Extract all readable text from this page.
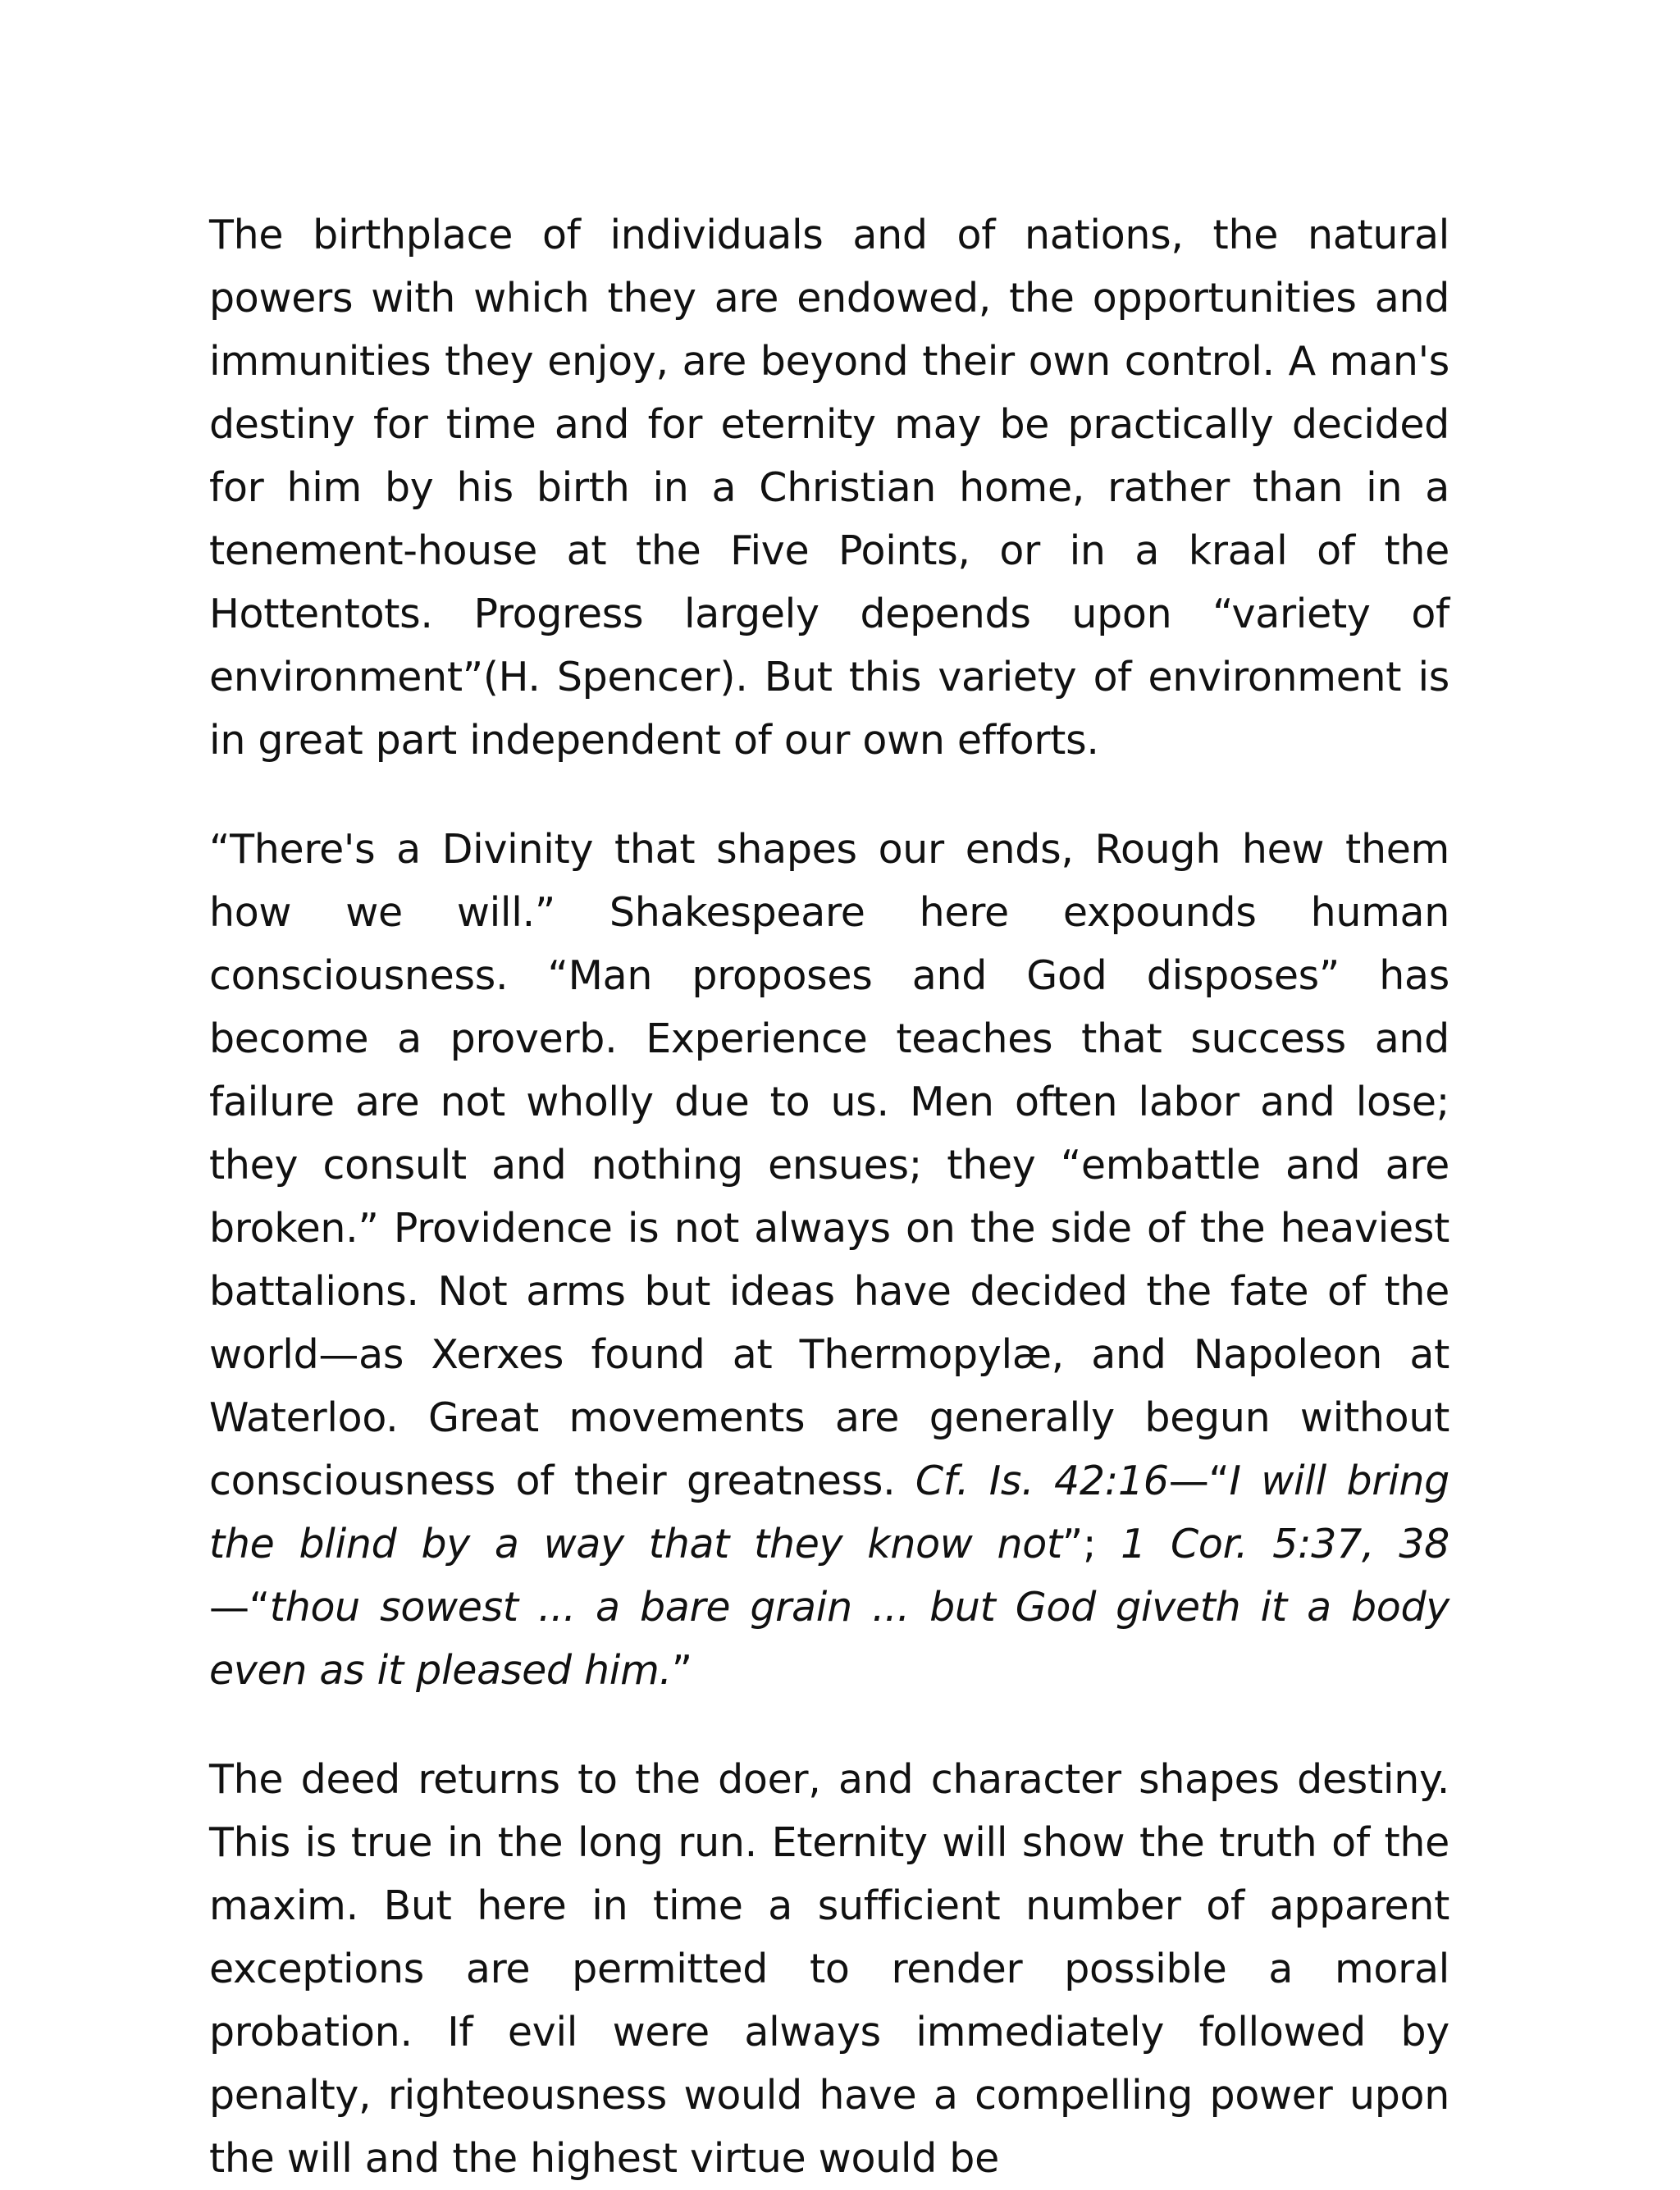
The birthplace of individuals and of nations, the natural powers with which they are endowed, the opportunities and immunities they enjoy, are beyond their own control. A man's destiny for time and for eternity may be practically decided for him by his birth in a Christian home, rather than in a tenement-house at the Five Points, or in a kraal of the Hottentots. Progress largely depends upon “variety of environment”(H. Spencer). But this variety of environment is in great part independent of our own efforts.

“There's a Divinity that shapes our ends, Rough hew them how we will.” Shakespeare here expounds human consciousness. “Man proposes and God disposes” has become a proverb. Experience teaches that success and failure are not wholly due to us. Men often labor and lose; they consult and nothing ensues; they “embattle and are broken.” Providence is not always on the side of the heaviest battalions. Not arms but ideas have decided the fate of the world—as Xerxes found at Thermopylæ, and Napoleon at Waterloo. Great movements are generally begun without consciousness of their greatness. Cf. Is. 42:16—“I will bring the blind by a way that they know not”; 1 Cor. 5:37, 38—“thou sowest ... a bare grain ... but God giveth it a body even as it pleased him.”

The deed returns to the doer, and character shapes destiny. This is true in the long run. Eternity will show the truth of the maxim. But here in time a sufficient number of apparent exceptions are permitted to render possible a moral probation. If evil were always immediately followed by penalty, righteousness would have a compelling power upon the will and the highest virtue would be
